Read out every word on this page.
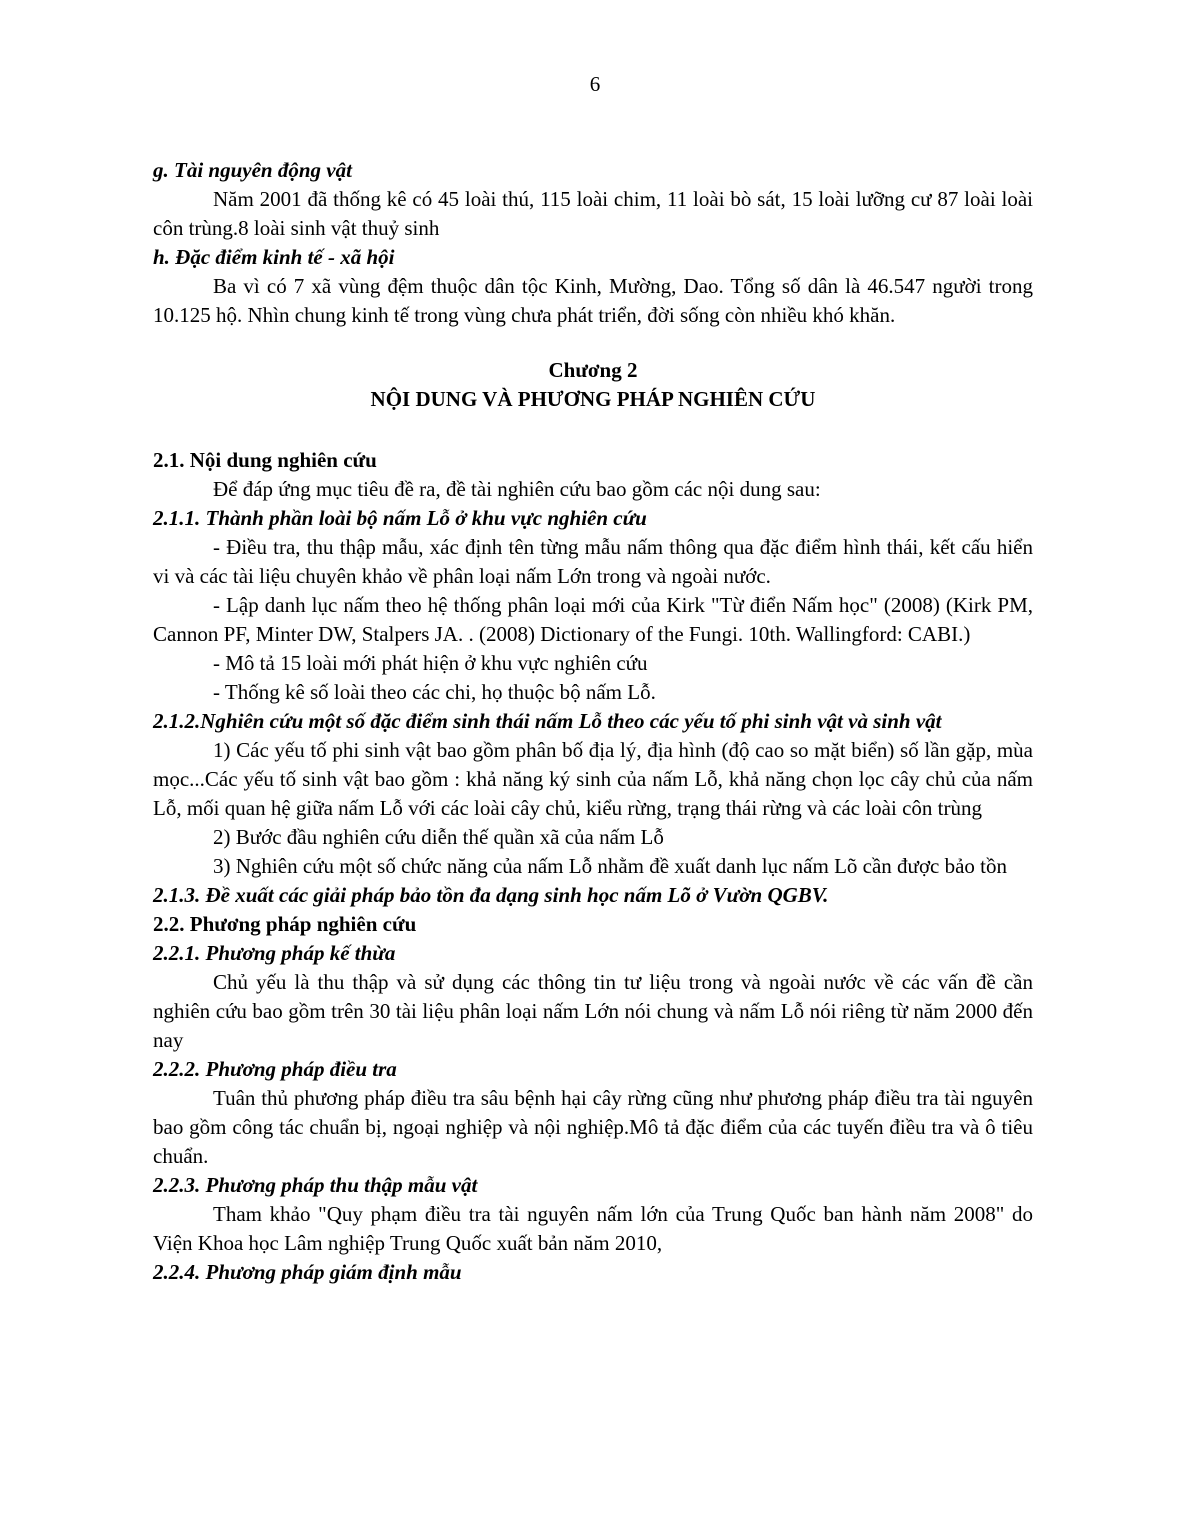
6

g. Tài nguyên động vật

Năm 2001 đã thống kê có 45 loài thú, 115 loài chim, 11 loài bò sát, 15 loài lưỡng cư 87 loài loài côn trùng.8 loài sinh vật thuỷ sinh

h. Đặc điểm kinh tế - xã hội

Ba vì có 7 xã vùng đệm thuộc dân tộc Kinh, Mường, Dao. Tổng số dân là 46.547 người trong 10.125 hộ. Nhìn chung kinh tế trong vùng chưa phát triển, đời sống còn nhiều khó khăn.

Chương 2

NỘI DUNG VÀ PHƯƠNG PHÁP NGHIÊN CỨU

2.1. Nội dung nghiên cứu

Để đáp ứng mục tiêu đề ra, đề tài nghiên cứu bao gồm các nội dung sau:

2.1.1. Thành phần loài bộ nấm Lỗ ở khu vực nghiên cứu

- Điều tra, thu thập mẫu, xác định tên từng mẫu nấm thông qua đặc điểm hình thái, kết cấu hiển vi và các tài liệu chuyên khảo về phân loại nấm Lớn trong và ngoài nước.

- Lập danh lục nấm theo hệ thống phân loại mới của Kirk "Từ điển Nấm học" (2008) (Kirk PM, Cannon PF, Minter DW, Stalpers JA. . (2008) Dictionary of the Fungi. 10th. Wallingford: CABI.)

- Mô tả 15 loài mới phát hiện ở khu vực nghiên cứu

- Thống kê số loài theo các chi, họ thuộc bộ nấm Lỗ.

2.1.2.Nghiên cứu một số đặc điểm sinh thái nấm Lỗ theo các yếu tố phi sinh vật và sinh vật

1) Các yếu tố phi sinh vật bao gồm phân bố địa lý, địa hình (độ cao so mặt biển) số lần gặp, mùa mọc...Các yếu tố sinh vật bao gồm : khả năng ký sinh của nấm Lỗ, khả năng chọn lọc cây chủ của nấm Lỗ, mối quan hệ giữa nấm Lỗ với các loài cây chủ, kiểu rừng, trạng thái rừng và các loài côn trùng

2) Bước đầu nghiên cứu diễn thế quần xã của nấm Lỗ

3) Nghiên cứu một số chức năng của nấm Lỗ nhằm đề xuất danh lục nấm Lõ cần được bảo tồn

2.1.3. Đề xuất các giải pháp bảo tồn đa dạng sinh học nấm Lõ ở Vườn QGBV.

2.2. Phương pháp nghiên cứu

2.2.1. Phương pháp kế thừa

Chủ yếu là thu thập và sử dụng các thông tin tư liệu trong và ngoài nước về các vấn đề cần nghiên cứu bao gồm trên 30 tài liệu phân loại nấm Lớn nói chung và nấm Lỗ nói riêng từ năm 2000 đến nay

2.2.2. Phương pháp điều tra

Tuân thủ phương pháp điều tra sâu bệnh hại cây rừng cũng như phương pháp điều tra tài nguyên bao gồm công tác chuẩn bị, ngoại nghiệp và nội nghiệp.Mô tả đặc điểm của các tuyến điều tra và ô tiêu chuẩn.

2.2.3. Phương pháp thu thập mẫu vật

Tham khảo "Quy phạm điều tra tài nguyên nấm lớn của Trung Quốc ban hành năm 2008" do Viện Khoa học Lâm nghiệp Trung Quốc xuất bản năm 2010,

2.2.4. Phương pháp giám định mẫu
